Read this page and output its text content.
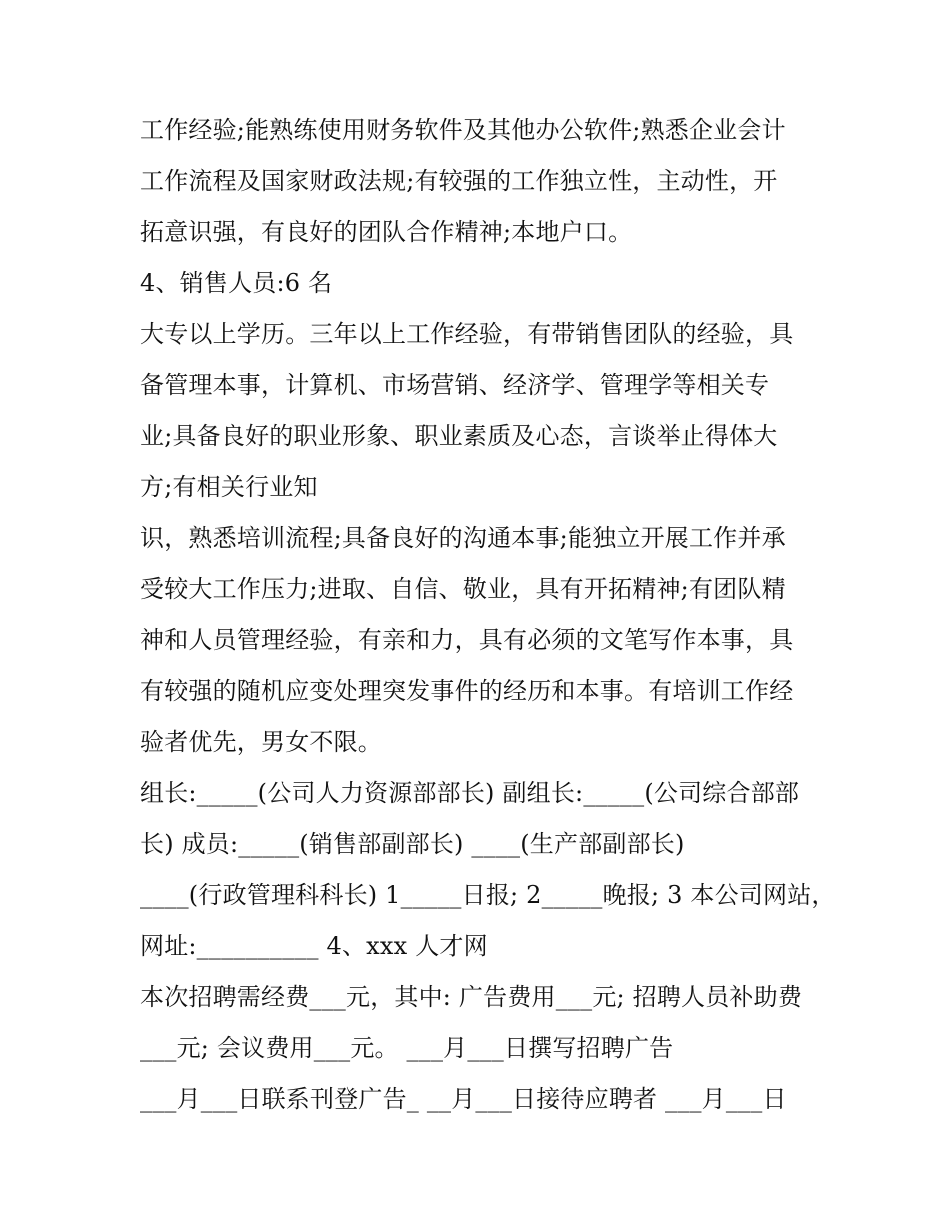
工作经验;能熟练使用财务软件及其他办公软件;熟悉企业会计
工作流程及国家财政法规;有较强的工作独立性，主动性，开
拓意识强，有良好的团队合作精神;本地户口。
4、销售人员:6 名
大专以上学历。三年以上工作经验，有带销售团队的经验，具
备管理本事，计算机、市场营销、经济学、管理学等相关专
业;具备良好的职业形象、职业素质及心态，言谈举止得体大
方;有相关行业知
识，熟悉培训流程;具备良好的沟通本事;能独立开展工作并承
受较大工作压力;进取、自信、敬业，具有开拓精神;有团队精
神和人员管理经验，有亲和力，具有必须的文笔写作本事，具
有较强的随机应变处理突发事件的经历和本事。有培训工作经
验者优先，男女不限。
组长:_____(公司人力资源部部长) 副组长:_____(公司综合部部
长) 成员:_____(销售部副部长) ____(生产部副部长)
____(行政管理科科长) 1_____日报; 2_____晚报; 3 本公司网站，
网址:__________ 4、xxx 人才网
本次招聘需经费___元，其中: 广告费用___元; 招聘人员补助费
___元; 会议费用___元。 ___月___日撰写招聘广告
___月___日联系刊登广告_ __月___日接待应聘者 ___月___日
